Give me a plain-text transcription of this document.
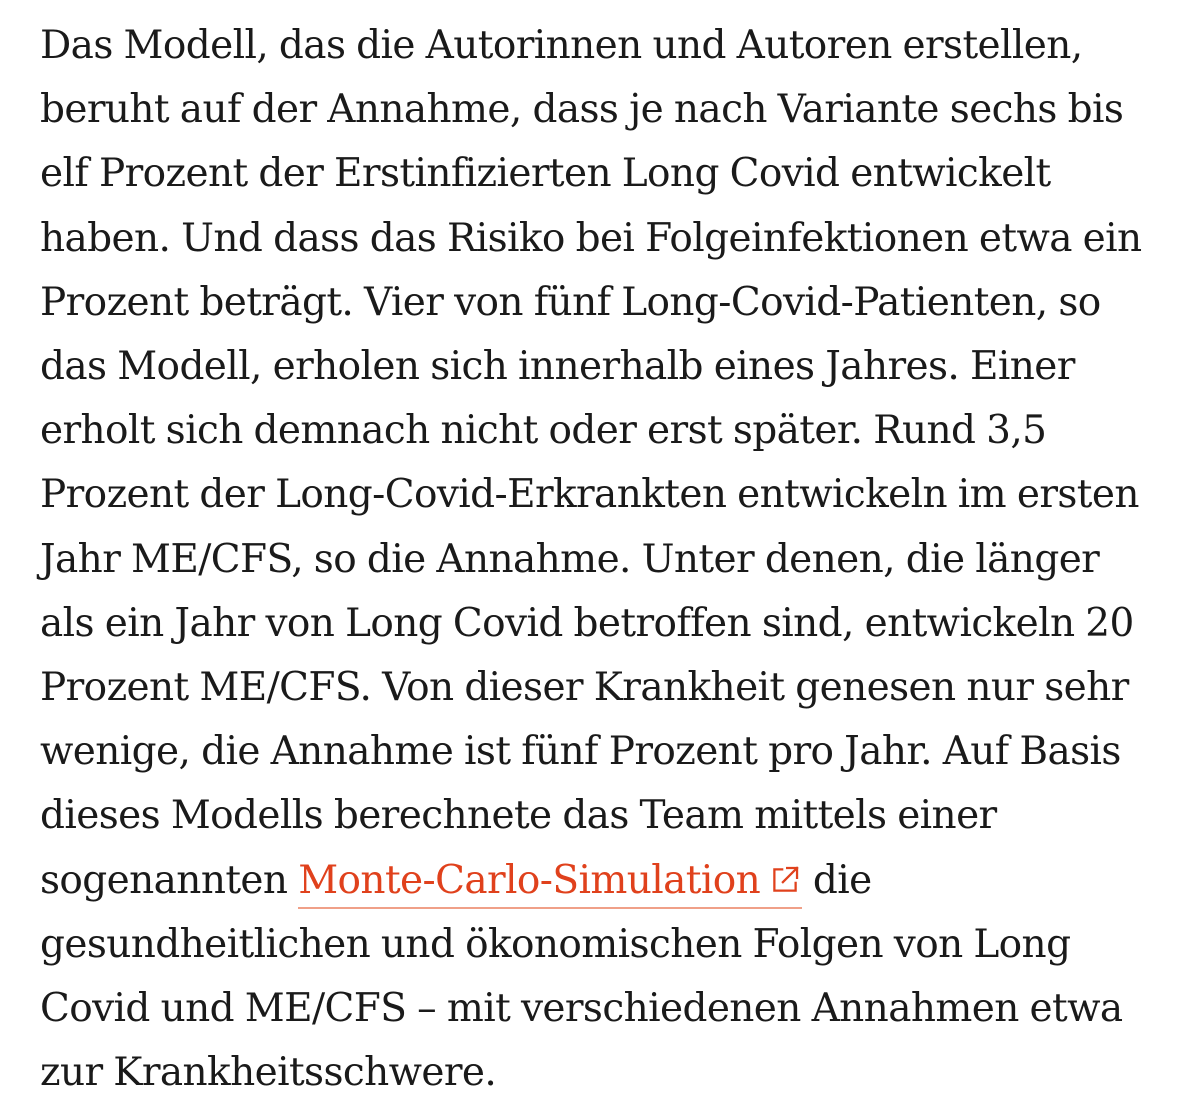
Das Modell, das die Autorinnen und Autoren erstellen,
beruht auf der Annahme, dass je nach Variante sechs bis
elf Prozent der Erstinfizierten Long Covid entwickelt
haben. Und dass das Risiko bei Folgeinfektionen etwa ein
Prozent beträgt. Vier von fünf Long-Covid-Patienten, so
das Modell, erholen sich innerhalb eines Jahres. Einer
erholt sich demnach nicht oder erst später. Rund 3,5
Prozent der Long-Covid-Erkrankten entwickeln im ersten
Jahr ME/CFS, so die Annahme. Unter denen, die länger
als ein Jahr von Long Covid betroffen sind, entwickeln 20
Prozent ME/CFS. Von dieser Krankheit genesen nur sehr
wenige, die Annahme ist fünf Prozent pro Jahr. Auf Basis
dieses Modells berechnete das Team mittels einer
sogenannten Monte-Carlo-Simulation
die
gesundheitlichen und ökonomischen Folgen von Long
Covid und ME/CFS – mit verschiedenen Annahmen etwa
zur Krankheitsschwere.
